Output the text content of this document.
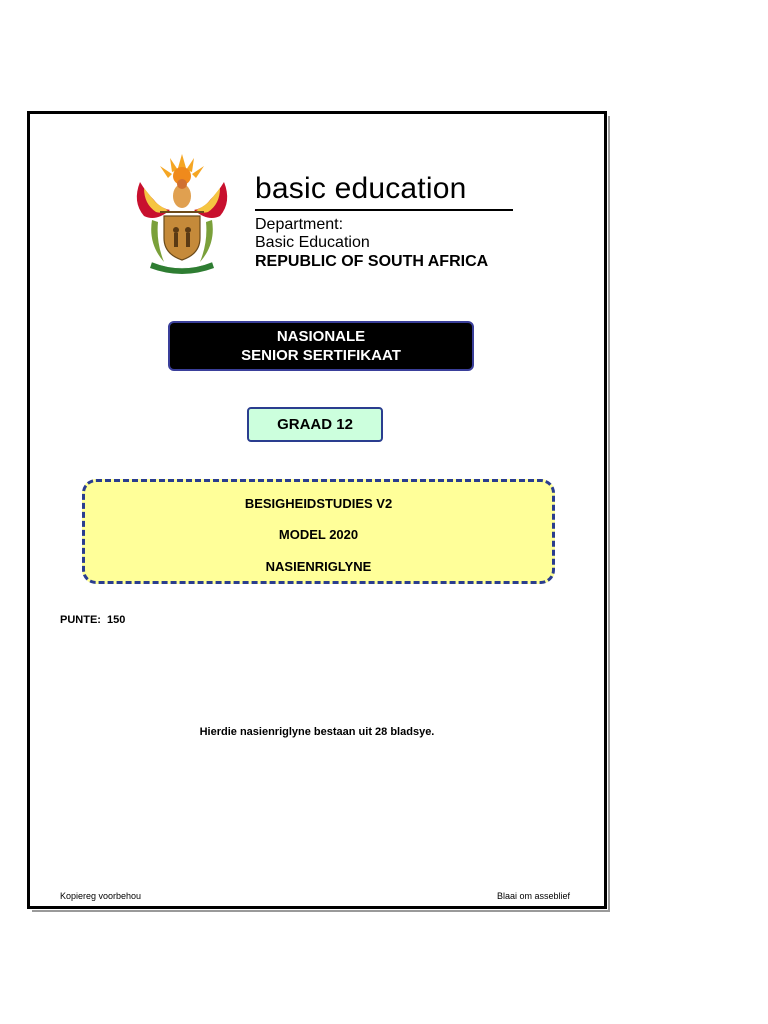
basic education
Department:
Basic Education
REPUBLIC OF SOUTH AFRICA
NASIONALE
SENIOR SERTIFIKAAT
GRAAD 12
BESIGHEIDSTUDIES V2
MODEL 2020
NASIENRIGLYNE
PUNTE:  150
Hierdie nasienriglyne bestaan uit 28 bladsye.
Kopiereg voorbehou	Blaai om asseblief
